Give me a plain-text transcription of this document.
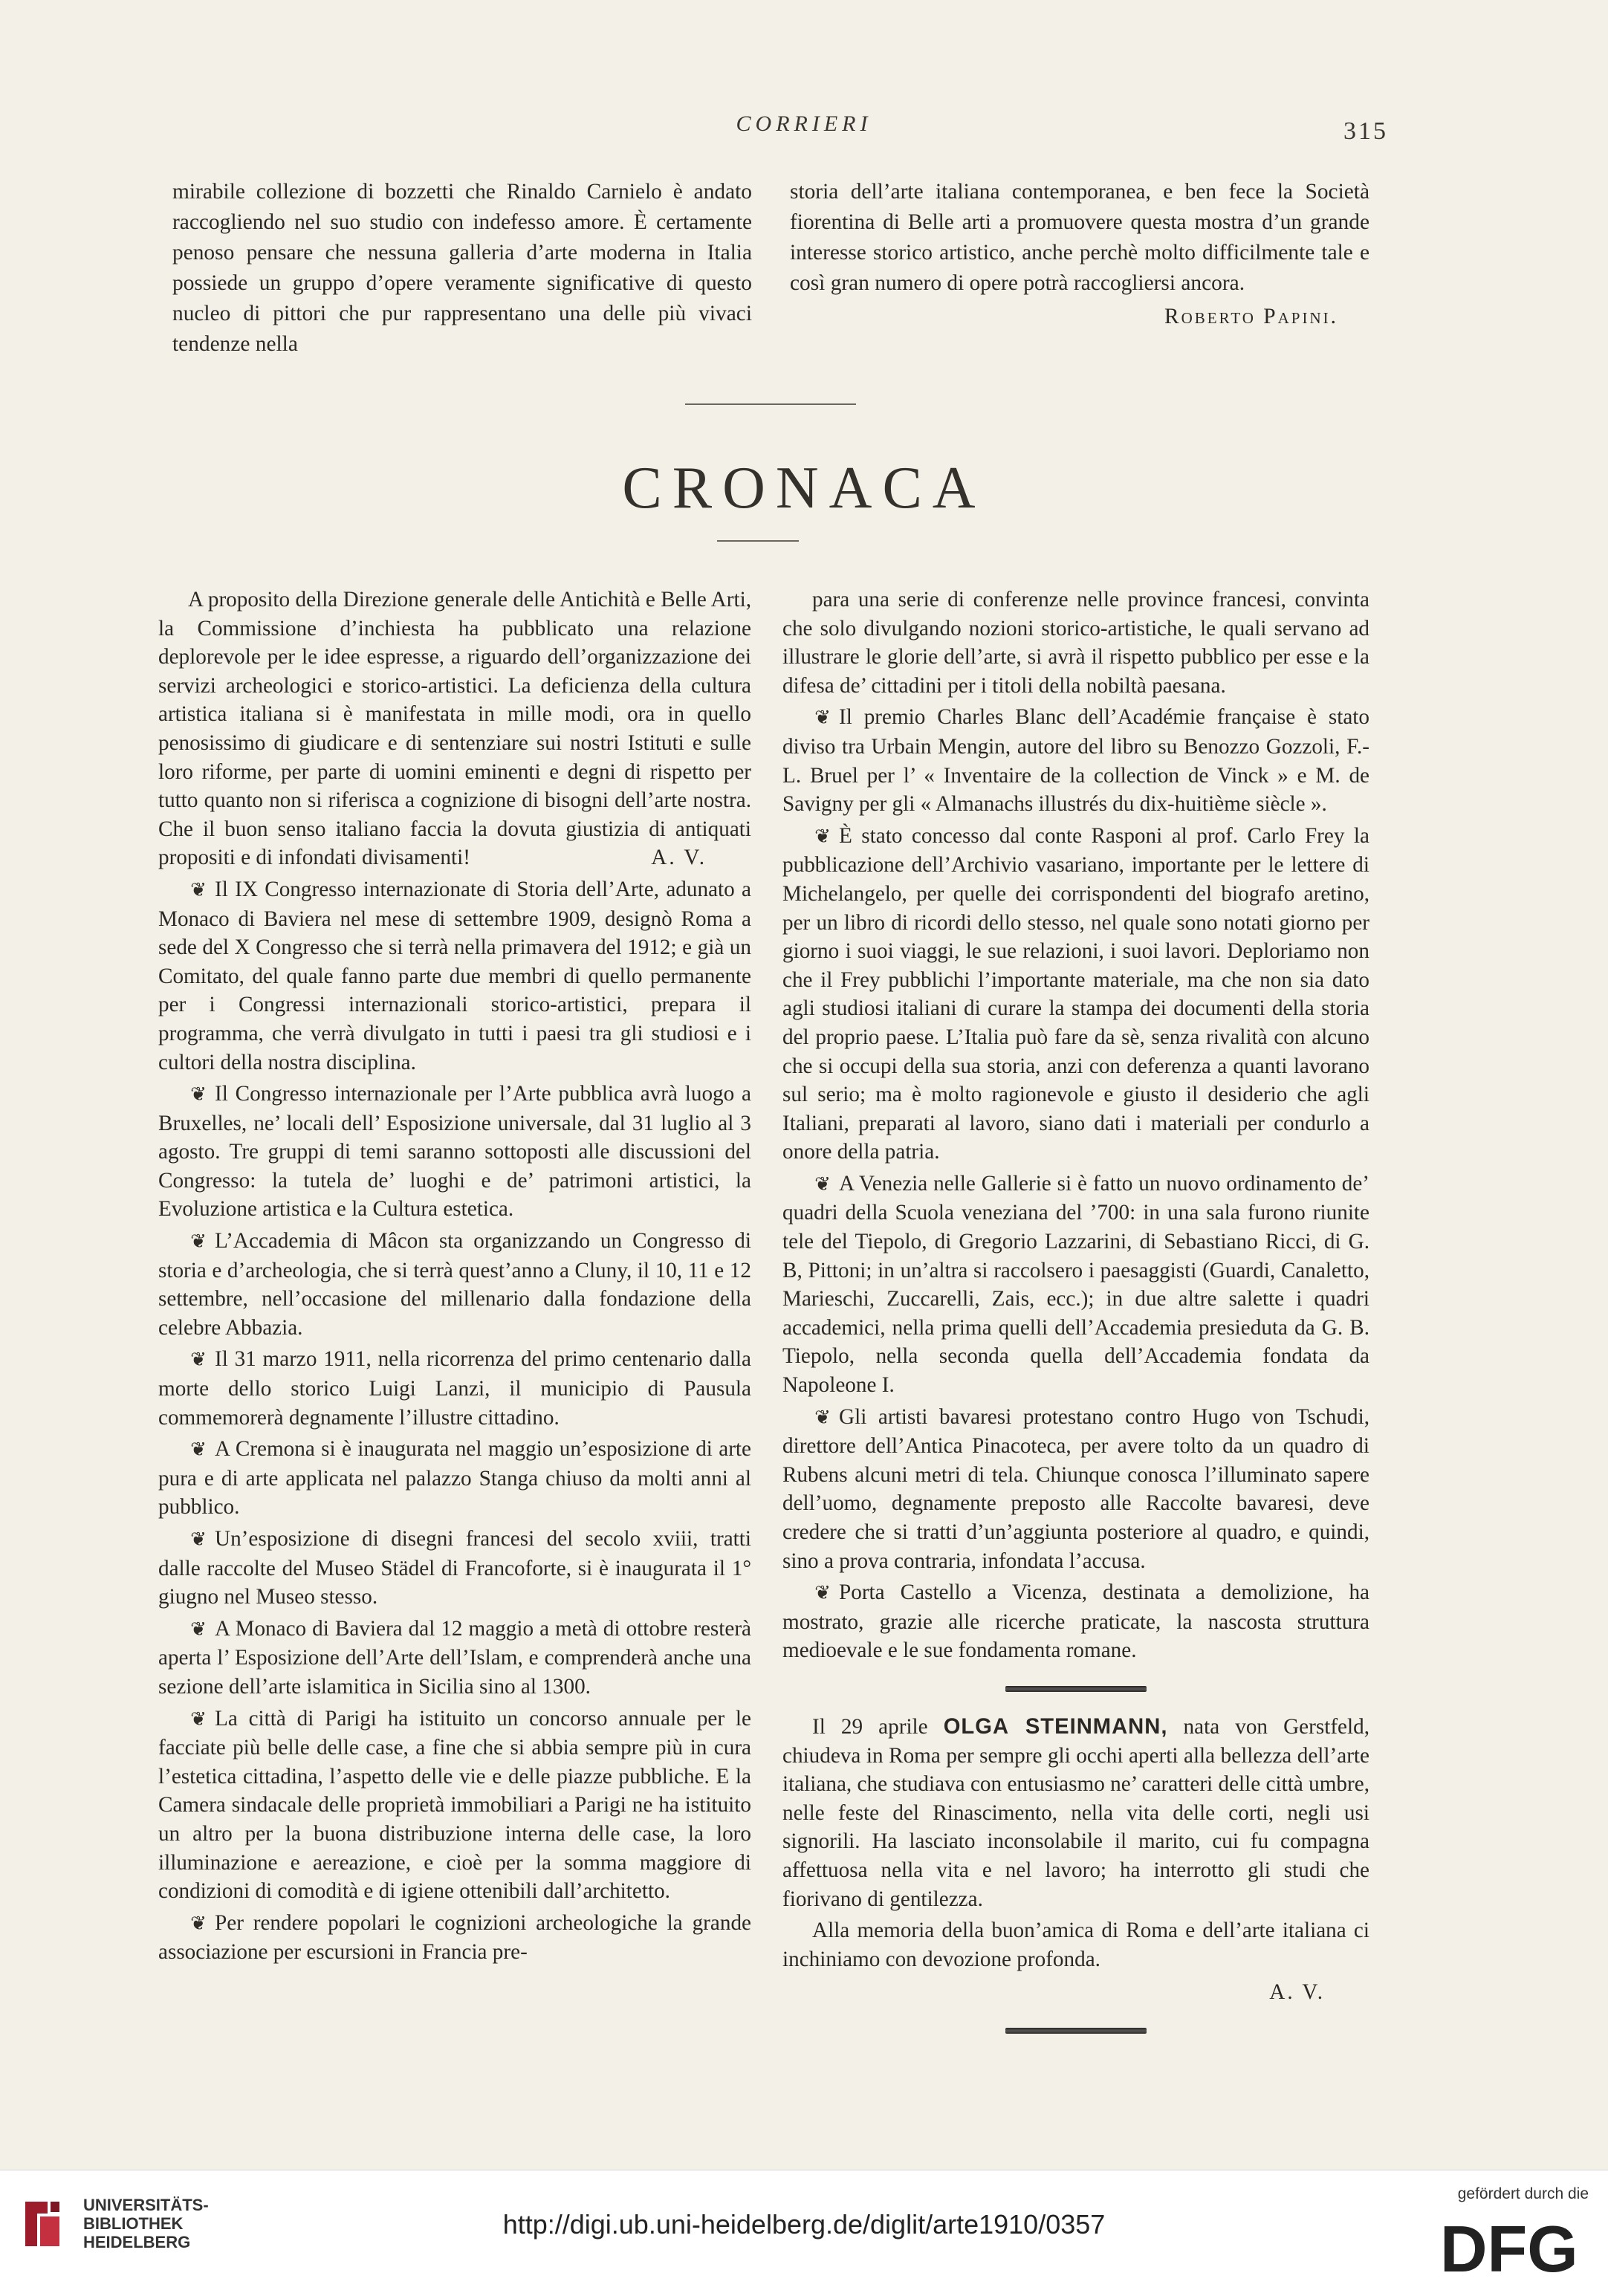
CORRIERI	315

mirabile collezione di bozzetti che Rinaldo Carnielo è andato raccogliendo nel suo studio con indefesso amore. È certamente penoso pensare che nessuna galleria d’arte moderna in Italia possiede un gruppo d’opere veramente significative di questo nucleo di pittori che pur rappresentano una delle più vivaci tendenze nella

storia dell’arte italiana contemporanea, e ben fece la Società fiorentina di Belle arti a promuovere questa mostra d’un grande interesse storico artistico, anche perchè molto difficilmente tale e così gran numero di opere potrà raccogliersi ancora.

Roberto Papini.
CRONACA

A proposito della Direzione generale delle Antichità e Belle Arti, la Commissione d’inchiesta ha pubblicato una relazione deplorevole per le idee espresse, a riguardo dell’organizzazione dei servizi archeologici e storico-artistici. La deficienza della cultura artistica italiana si è manifestata in mille modi, ora in quello penosissimo di giudicare e di sentenziare sui nostri Istituti e sulle loro riforme, per parte di uomini eminenti e degni di rispetto per tutto quanto non si riferisca a cognizione di bisogni dell’arte nostra. Che il buon senso italiano faccia la dovuta giustizia di antiquati propositi e di infondati divisamenti!	A. V.

❦ Il IX Congresso internazionate di Storia dell’Arte, adunato a Monaco di Baviera nel mese di settembre 1909, designò Roma a sede del X Congresso che si terrà nella primavera del 1912; e già un Comitato, del quale fanno parte due membri di quello permanente per i Congressi internazionali storico-artistici, prepara il programma, che verrà divulgato in tutti i paesi tra gli studiosi e i cultori della nostra disciplina.

❦ Il Congresso internazionale per l’Arte pubblica avrà luogo a Bruxelles, ne’ locali dell’ Esposizione universale, dal 31 luglio al 3 agosto. Tre gruppi di temi saranno sottoposti alle discussioni del Congresso: la tutela de’ luoghi e de’ patrimoni artistici, la Evoluzione artistica e la Cultura estetica.

❦ L’Accademia di Mâcon sta organizzando un Congresso di storia e d’archeologia, che si terrà quest’anno a Cluny, il 10, 11 e 12 settembre, nell’occasione del millenario dalla fondazione della celebre Abbazia.

❦ Il 31 marzo 1911, nella ricorrenza del primo centenario dalla morte dello storico Luigi Lanzi, il municipio di Pausula commemorerà degnamente l’illustre cittadino.

❦ A Cremona si è inaugurata nel maggio un’esposizione di arte pura e di arte applicata nel palazzo Stanga chiuso da molti anni al pubblico.

❦ Un’esposizione di disegni francesi del secolo xviii, tratti dalle raccolte del Museo Städel di Francoforte, si è inaugurata il 1° giugno nel Museo stesso.

❦ A Monaco di Baviera dal 12 maggio a metà di ottobre resterà aperta l’ Esposizione dell’Arte dell’Islam, e comprenderà anche una sezione dell’arte islamitica in Sicilia sino al 1300.

❦ La città di Parigi ha istituito un concorso annuale per le facciate più belle delle case, a fine che si abbia sempre più in cura l’estetica cittadina, l’aspetto delle vie e delle piazze pubbliche. E la Camera sindacale delle proprietà immobiliari a Parigi ne ha istituito un altro per la buona distribuzione interna delle case, la loro illuminazione e aereazione, e cioè per la somma maggiore di condizioni di comodità e di igiene ottenibili dall’architetto.

❦ Per rendere popolari le cognizioni archeologiche la grande associazione per escursioni in Francia pre-

para una serie di conferenze nelle province francesi, convinta che solo divulgando nozioni storico-artistiche, le quali servano ad illustrare le glorie dell’arte, si avrà il rispetto pubblico per esse e la difesa de’ cittadini per i titoli della nobiltà paesana.

❦ Il premio Charles Blanc dell’Académie française è stato diviso tra Urbain Mengin, autore del libro su Benozzo Gozzoli, F.-L. Bruel per l’ « Inventaire de la collection de Vinck » e M. de Savigny per gli « Almanachs illustrés du dix-huitième siècle ».

❦ È stato concesso dal conte Rasponi al prof. Carlo Frey la pubblicazione dell’Archivio vasariano, importante per le lettere di Michelangelo, per quelle dei corrispondenti del biografo aretino, per un libro di ricordi dello stesso, nel quale sono notati giorno per giorno i suoi viaggi, le sue relazioni, i suoi lavori. Deploriamo non che il Frey pubblichi l’importante materiale, ma che non sia dato agli studiosi italiani di curare la stampa dei documenti della storia del proprio paese. L’Italia può fare da sè, senza rivalità con alcuno che si occupi della sua storia, anzi con deferenza a quanti lavorano sul serio; ma è molto ragionevole e giusto il desiderio che agli Italiani, preparati al lavoro, siano dati i materiali per condurlo a onore della patria.

❦ A Venezia nelle Gallerie si è fatto un nuovo ordinamento de’ quadri della Scuola veneziana del ’700: in una sala furono riunite tele del Tiepolo, di Gregorio Lazzarini, di Sebastiano Ricci, di G. B, Pittoni; in un’altra si raccolsero i paesaggisti (Guardi, Canaletto, Marieschi, Zuccarelli, Zais, ecc.); in due altre salette i quadri accademici, nella prima quelli dell’Accademia presieduta da G. B. Tiepolo, nella seconda quella dell’Accademia fondata da Napoleone I.

❦ Gli artisti bavaresi protestano contro Hugo von Tschudi, direttore dell’Antica Pinacoteca, per avere tolto da un quadro di Rubens alcuni metri di tela. Chiunque conosca l’illuminato sapere dell’uomo, degnamente preposto alle Raccolte bavaresi, deve credere che si tratti d’un’aggiunta posteriore al quadro, e quindi, sino a prova contraria, infondata l’accusa.

❦ Porta Castello a Vicenza, destinata a demolizione, ha mostrato, grazie alle ricerche praticate, la nascosta struttura medioevale e le sue fondamenta romane.

Il 29 aprile OLGA STEINMANN, nata von Gerstfeld, chiudeva in Roma per sempre gli occhi aperti alla bellezza dell’arte italiana, che studiava con entusiasmo ne’ caratteri delle città umbre, nelle feste del Rinascimento, nella vita delle corti, negli usi signorili. Ha lasciato inconsolabile il marito, cui fu compagna affettuosa nella vita e nel lavoro; ha interrotto gli studi che fiorivano di gentilezza.

Alla memoria della buon’amica di Roma e dell’arte italiana ci inchiniamo con devozione profonda.

A. V.
UNIVERSITÄTS-
BIBLIOTHEK
HEIDELBERG
http://digi.ub.uni-heidelberg.de/diglit/arte1910/0357
gefördert durch die
DFG
